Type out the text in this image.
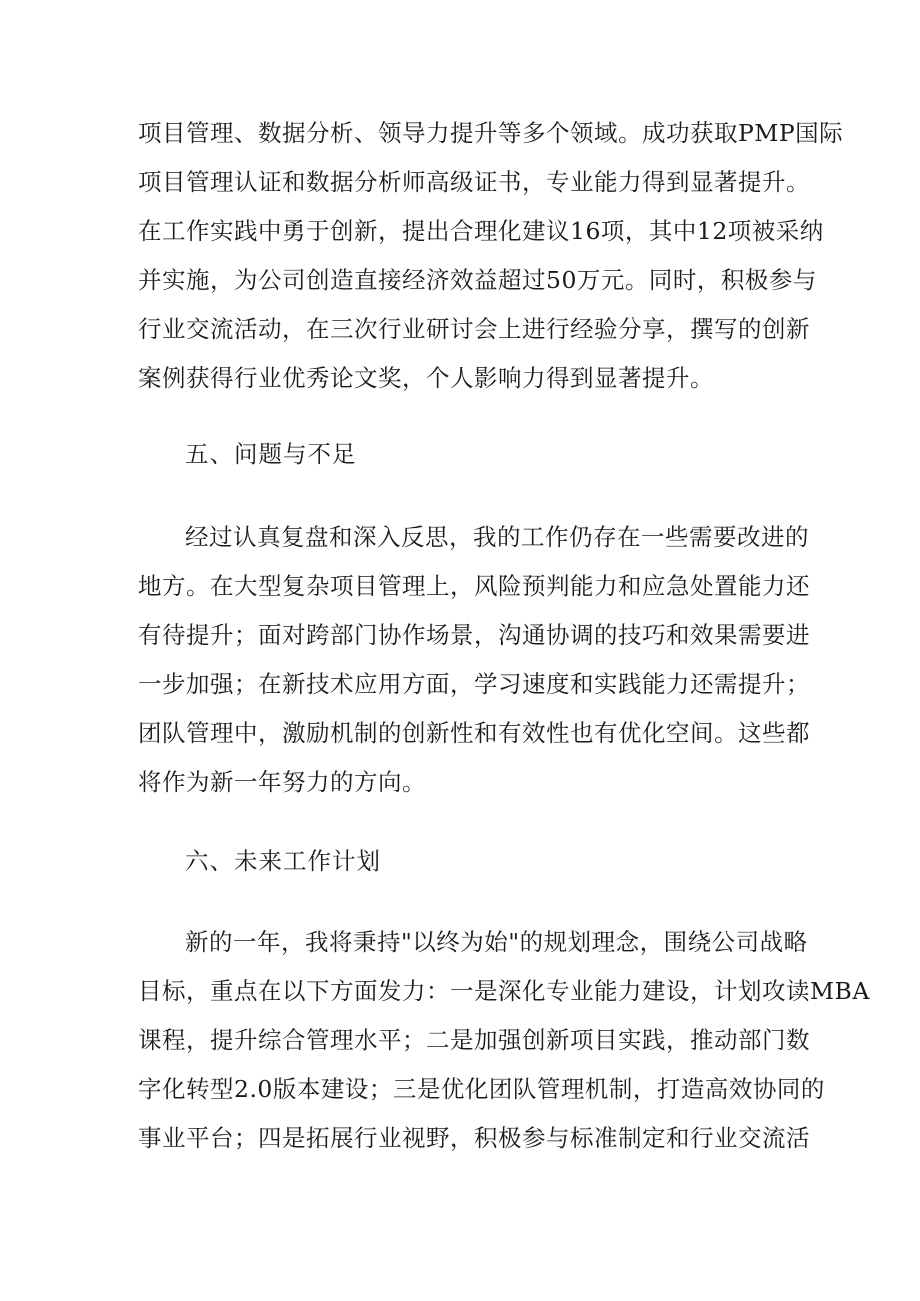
项目管理、数据分析、领导力提升等多个领域。成功获取PMP国际
项目管理认证和数据分析师高级证书，专业能力得到显著提升。
在工作实践中勇于创新，提出合理化建议16项，其中12项被采纳
并实施，为公司创造直接经济效益超过50万元。同时，积极参与
行业交流活动，在三次行业研讨会上进行经验分享，撰写的创新
案例获得行业优秀论文奖，个人影响力得到显著提升。
五、问题与不足
经过认真复盘和深入反思，我的工作仍存在一些需要改进的
地方。在大型复杂项目管理上，风险预判能力和应急处置能力还
有待提升；面对跨部门协作场景，沟通协调的技巧和效果需要进
一步加强；在新技术应用方面，学习速度和实践能力还需提升；
团队管理中，激励机制的创新性和有效性也有优化空间。这些都
将作为新一年努力的方向。
六、未来工作计划
新的一年，我将秉持"以终为始"的规划理念，围绕公司战略
目标，重点在以下方面发力：一是深化专业能力建设，计划攻读MBA
课程，提升综合管理水平；二是加强创新项目实践，推动部门数
字化转型2.0版本建设；三是优化团队管理机制，打造高效协同的
事业平台；四是拓展行业视野，积极参与标准制定和行业交流活
